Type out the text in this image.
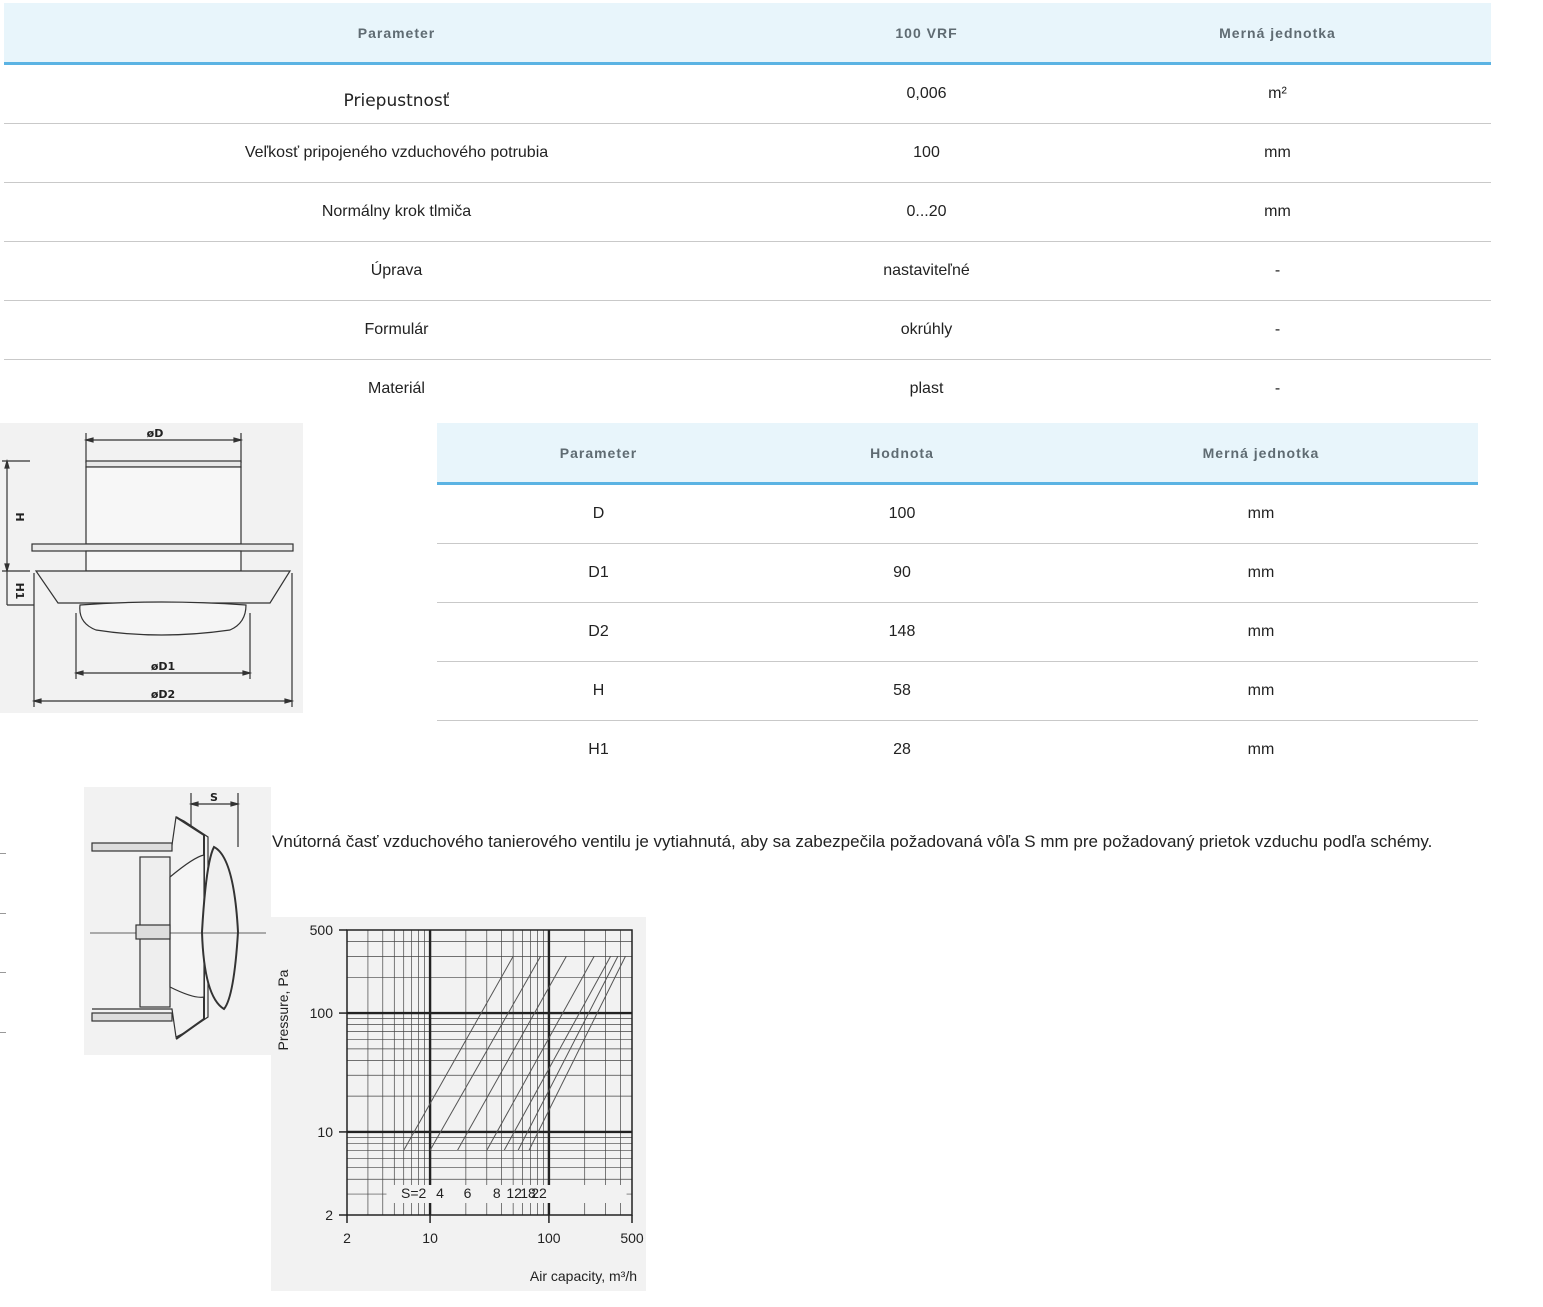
Parameter	100 VRF	Merná jednotka
Priepustnosť	0,006	m²
Veľkosť pripojeného vzduchového potrubia	100	mm
Normálny krok tlmiča	0...20	mm
Úprava	nastaviteľné	-
Formulár	okrúhly	-
Materiál	plast	-
øD
H
H1
øD1
øD2
Parameter	Hodnota	Merná jednotka
D	100	mm
D1	90	mm
D2	148	mm
H	58	mm
H1	28	mm
S
Vnútorná časť vzduchového tanierového ventilu je vytiahnutá, aby sa zabezpečila požadovaná vôľa S mm pre požadovaný prietok vzduchu podľa schémy.
2	10	100	500
500
100
10
2
S=2 4 6 8 12
18
22
Pressure, Pa
Air capacity, m³/h
